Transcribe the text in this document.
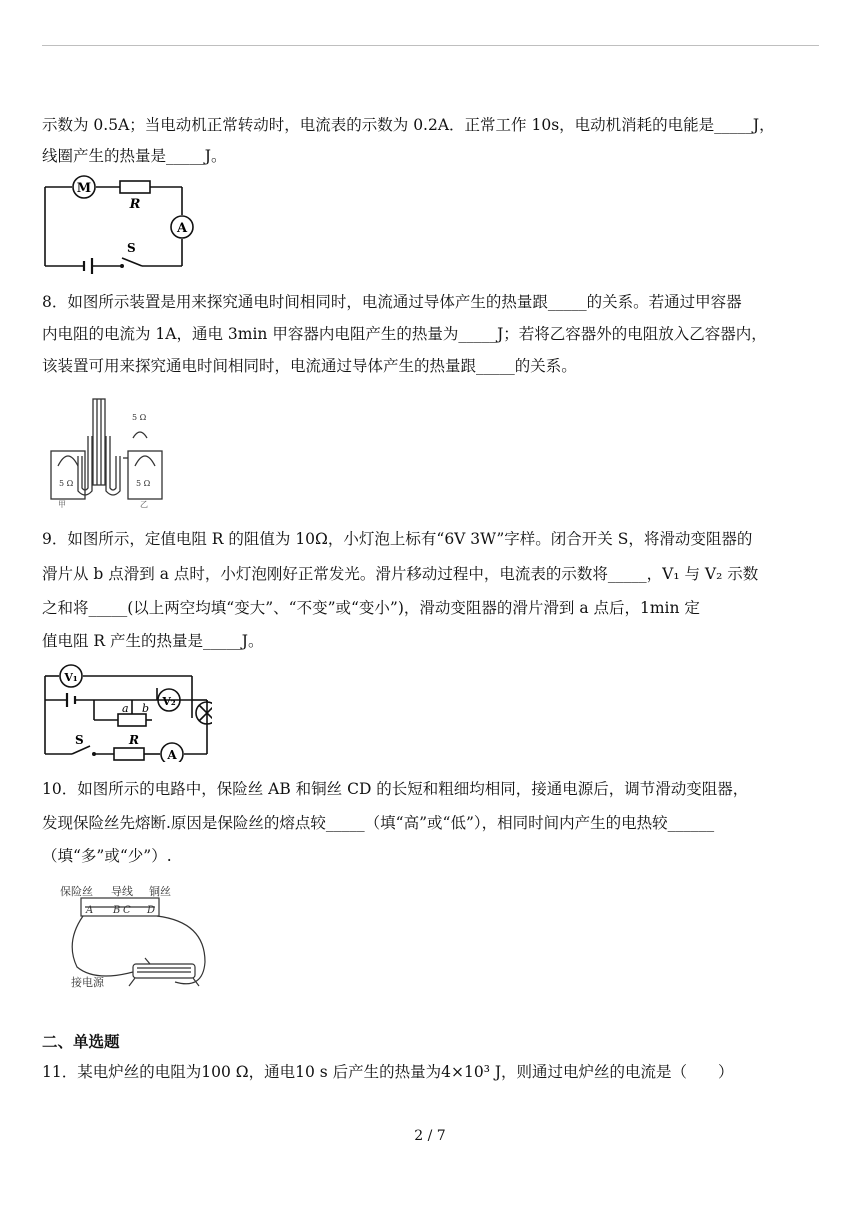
示数为 0.5A；当电动机正常转动时，电流表的示数为 0.2A．正常工作 10s，电动机消耗的电能是_____J，
线圈产生的热量是_____J。
M
R
A
S
8．如图所示装置是用来探究通电时间相同时，电流通过导体产生的热量跟_____的关系。若通过甲容器
内电阻的电流为 1A，通电 3min 甲容器内电阻产生的热量为_____J；若将乙容器外的电阻放入乙容器内，
该装置可用来探究通电时间相同时，电流通过导体产生的热量跟_____的关系。
5 Ω	5 Ω
5 Ω
甲	乙
9．如图所示，定值电阻 R 的阻值为 10Ω，小灯泡上标有“6V 3W”字样。闭合开关 S，将滑动变阻器的
滑片从 b 点滑到 a 点时，小灯泡刚好正常发光。滑片移动过程中，电流表的示数将_____，V₁ 与 V₂ 示数
之和将_____(以上两空均填“变大”、“不变”或“变小”)，滑动变阻器的滑片滑到 a 点后，1min 定
值电阻 R 产生的热量是_____J。
V₁
V₂
a b
S	R
A
10．如图所示的电路中，保险丝 AB 和铜丝 CD 的长短和粗细均相同，接通电源后，调节滑动变阻器，
发现保险丝先熔断.原因是保险丝的熔点较_____（填“高”或“低”），相同时间内产生的电热较______
（填“多”或“少”）.
保险丝 导线 铜丝
A B C D
接电源
二、单选题
11．某电炉丝的电阻为100 Ω，通电10 s 后产生的热量为4×10³ J，则通过电炉丝的电流是（　　）
2 / 7
